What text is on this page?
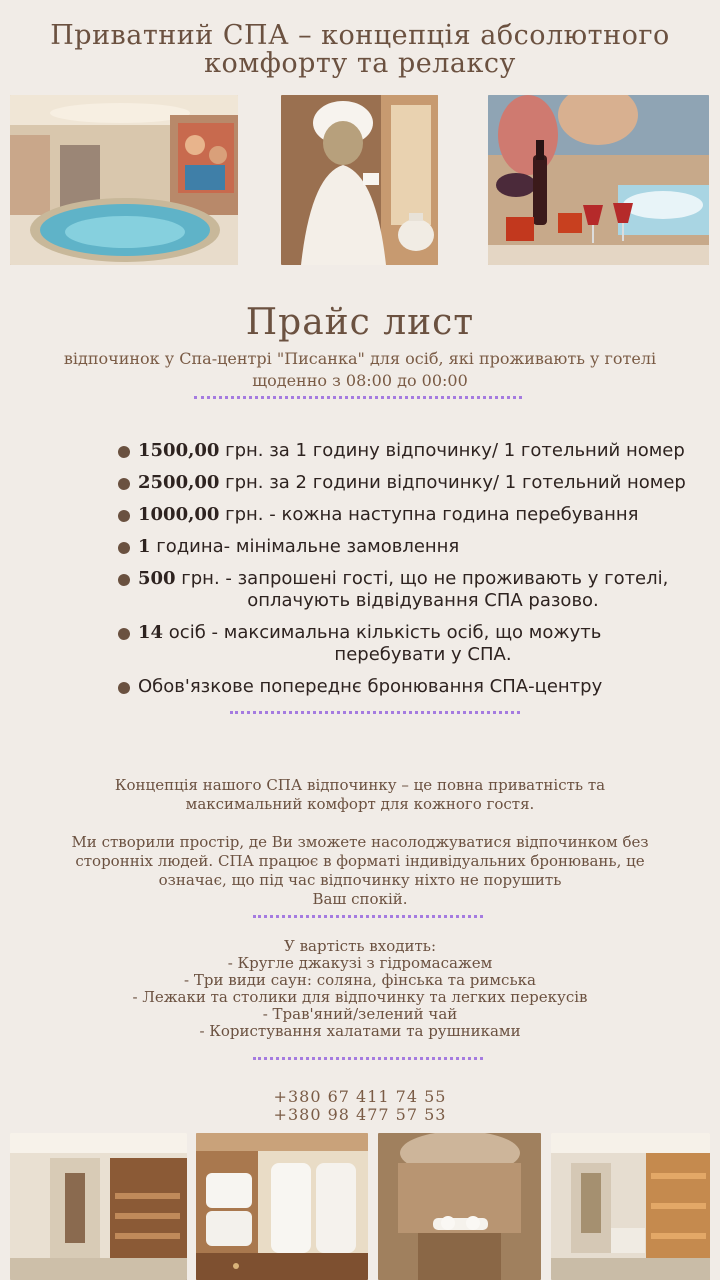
Приватний СПА – концепція абсолютного
комфорту та релаксу
Прайс лист
відпочинок у Спа-центрі "Писанка" для осіб, які проживають у готелі
щоденно з 08:00 до 00:00
1500,00 грн. за 1 годину відпочинку/ 1 готельний номер
2500,00 грн. за 2 години відпочинку/ 1 готельний номер
1000,00 грн. - кожна наступна година перебування
1 година- мінімальне замовлення
500 грн. - запрошені гості, що не проживають у готелі,
оплачують відвідування СПА разово.
14 осіб - максимальна кількість осіб, що можуть
перебувати у СПА.
Обов'язкове попереднє бронювання СПА-центру
Концепція нашого СПА відпочинку – це повна приватність та
максимальний комфорт для кожного гостя.
Ми створили простір, де Ви зможете насолоджуватися відпочинком без
сторонніх людей. СПА працює в форматі індивідуальних бронювань, це
означає, що під час відпочинку ніхто не порушить
Ваш спокій.
У вартість входить:
- Круглe джакузі з гідромасажем
- Три види саун: соляна, фінська та римська
- Лежаки та столики для відпочинку та легких перекусів
- Трав'яний/зелений чай
- Користування халатами та рушниками
+380 67 411 74 55
+380 98 477 57 53
